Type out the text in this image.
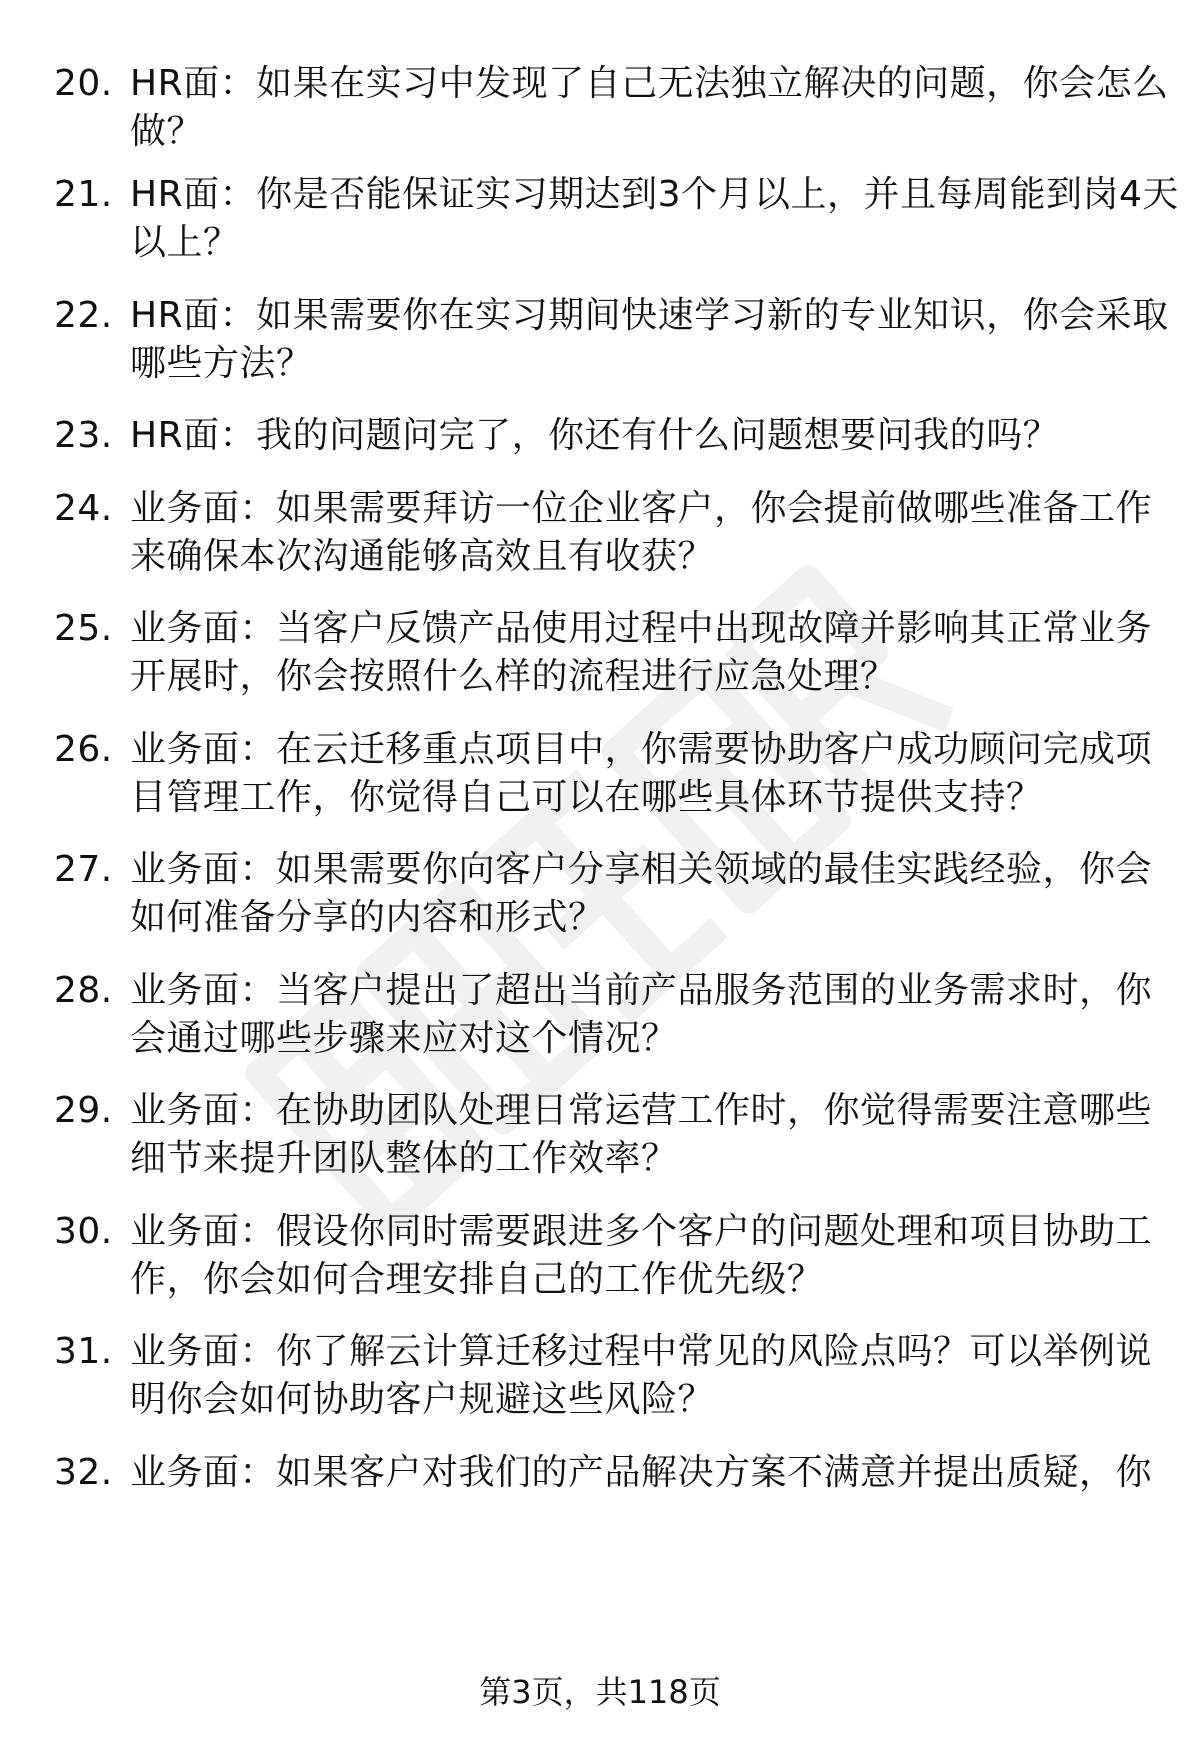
20. HR面：如果在实习中发现了自己无法独立解决的问题，你会怎么
做？
21. HR面：你是否能保证实习期达到3个月以上，并且每周能到岗4天
以上？
22. HR面：如果需要你在实习期间快速学习新的专业知识，你会采取
哪些方法？
23. HR面：我的问题问完了，你还有什么问题想要问我的吗？
24. 业务面：如果需要拜访一位企业客户，你会提前做哪些准备工作
来确保本次沟通能够高效且有收获？
25. 业务面：当客户反馈产品使用过程中出现故障并影响其正常业务
开展时，你会按照什么样的流程进行应急处理？
26. 业务面：在云迁移重点项目中，你需要协助客户成功顾问完成项
目管理工作，你觉得自己可以在哪些具体环节提供支持？
27. 业务面：如果需要你向客户分享相关领域的最佳实践经验，你会
如何准备分享的内容和形式？
28. 业务面：当客户提出了超出当前产品服务范围的业务需求时，你
会通过哪些步骤来应对这个情况？
29. 业务面：在协助团队处理日常运营工作时，你觉得需要注意哪些
细节来提升团队整体的工作效率？
30. 业务面：假设你同时需要跟进多个客户的问题处理和项目协助工
作，你会如何合理安排自己的工作优先级？
31. 业务面：你了解云计算迁移过程中常见的风险点吗？可以举例说
明你会如何协助客户规避这些风险？
32. 业务面：如果客户对我们的产品解决方案不满意并提出质疑，你
第3页，共118页
